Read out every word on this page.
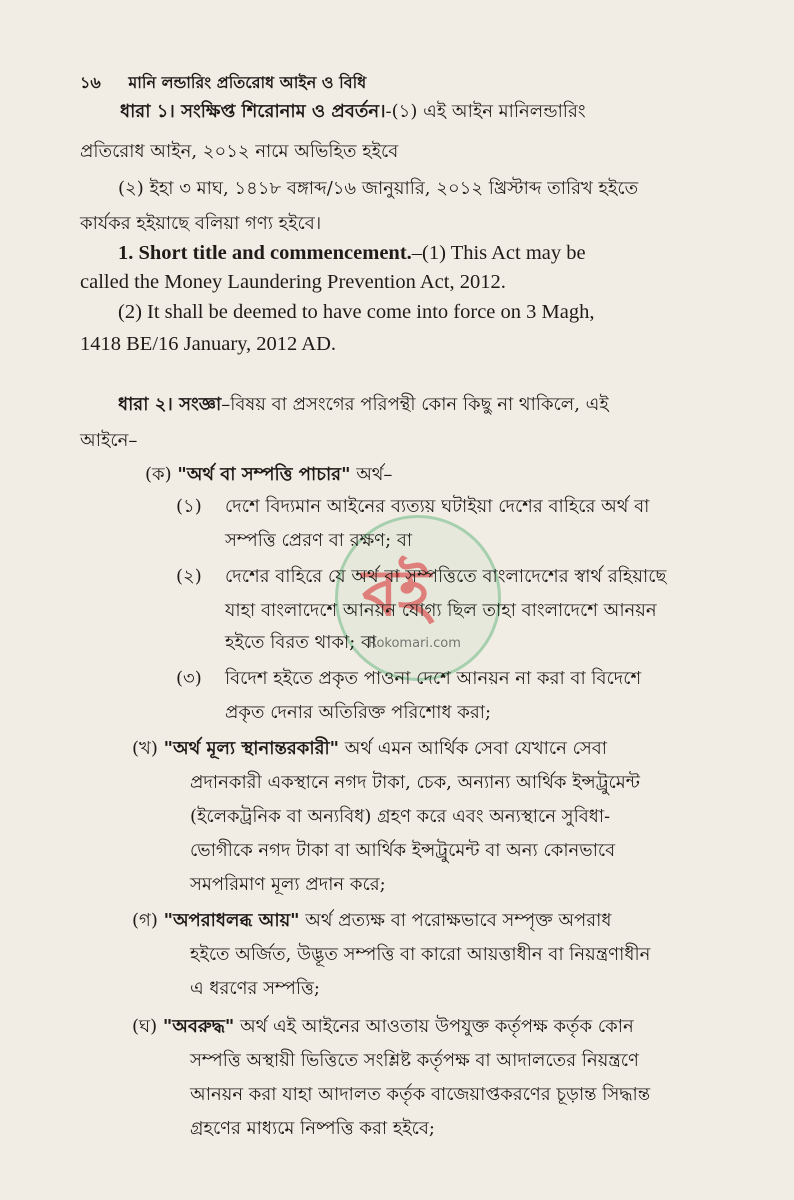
বই
Rokomari.com
১৬ মানি লন্ডারিং প্রতিরোধ আইন ও বিধি
ধারা ১। সংক্ষিপ্ত শিরোনাম ও প্রবর্তন।-(১) এই আইন মানিলন্ডারিং
প্রতিরোধ আইন, ২০১২ নামে অভিহিত হইবে
(২) ইহা ৩ মাঘ, ১৪১৮ বঙ্গাব্দ/১৬ জানুয়ারি, ২০১২ খ্রিস্টাব্দ তারিখ হইতে
কার্যকর হইয়াছে বলিয়া গণ্য হইবে।
1. Short title and commencement.–(1) This Act may be
called the Money Laundering Prevention Act, 2012.
(2) It shall be deemed to have come into force on 3 Magh,
1418 BE/16 January, 2012 AD.
ধারা ২। সংজ্ঞা–বিষয় বা প্রসংগের পরিপন্থী কোন কিছু না থাকিলে, এই
আইনে–
(ক) "অর্থ বা সম্পত্তি পাচার" অর্থ–
(১) দেশে বিদ্যমান আইনের ব্যত্যয় ঘটাইয়া দেশের বাহিরে অর্থ বা
সম্পত্তি প্রেরণ বা রক্ষণ; বা
(২) দেশের বাহিরে যে অর্থ বা সম্পত্তিতে বাংলাদেশের স্বার্থ রহিয়াছে
যাহা বাংলাদেশে আনয়ন যোগ্য ছিল তাহা বাংলাদেশে আনয়ন
হইতে বিরত থাকা; বা
(৩) বিদেশ হইতে প্রকৃত পাওনা দেশে আনয়ন না করা বা বিদেশে
প্রকৃত দেনার অতিরিক্ত পরিশোধ করা;
(খ) "অর্থ মূল্য স্থানান্তরকারী" অর্থ এমন আর্থিক সেবা যেখানে সেবা
প্রদানকারী একস্থানে নগদ টাকা, চেক, অন্যান্য আর্থিক ইন্সট্রুমেন্ট
(ইলেকট্রনিক বা অন্যবিধ) গ্রহণ করে এবং অন্যস্থানে সুবিধা-
ভোগীকে নগদ টাকা বা আর্থিক ইন্সট্রুমেন্ট বা অন্য কোনভাবে
সমপরিমাণ মূল্য প্রদান করে;
(গ) "অপরাধলব্ধ আয়" অর্থ প্রত্যক্ষ বা পরোক্ষভাবে সম্পৃক্ত অপরাধ
হইতে অর্জিত, উদ্ভূত সম্পত্তি বা কারো আয়ত্তাধীন বা নিয়ন্ত্রণাধীন
এ ধরণের সম্পত্তি;
(ঘ) "অবরুদ্ধ" অর্থ এই আইনের আওতায় উপযুক্ত কর্তৃপক্ষ কর্তৃক কোন
সম্পত্তি অস্থায়ী ভিত্তিতে সংশ্লিষ্ট কর্তৃপক্ষ বা আদালতের নিয়ন্ত্রণে
আনয়ন করা যাহা আদালত কর্তৃক বাজেয়াপ্তকরণের চূড়ান্ত সিদ্ধান্ত
গ্রহণের মাধ্যমে নিষ্পত্তি করা হইবে;
